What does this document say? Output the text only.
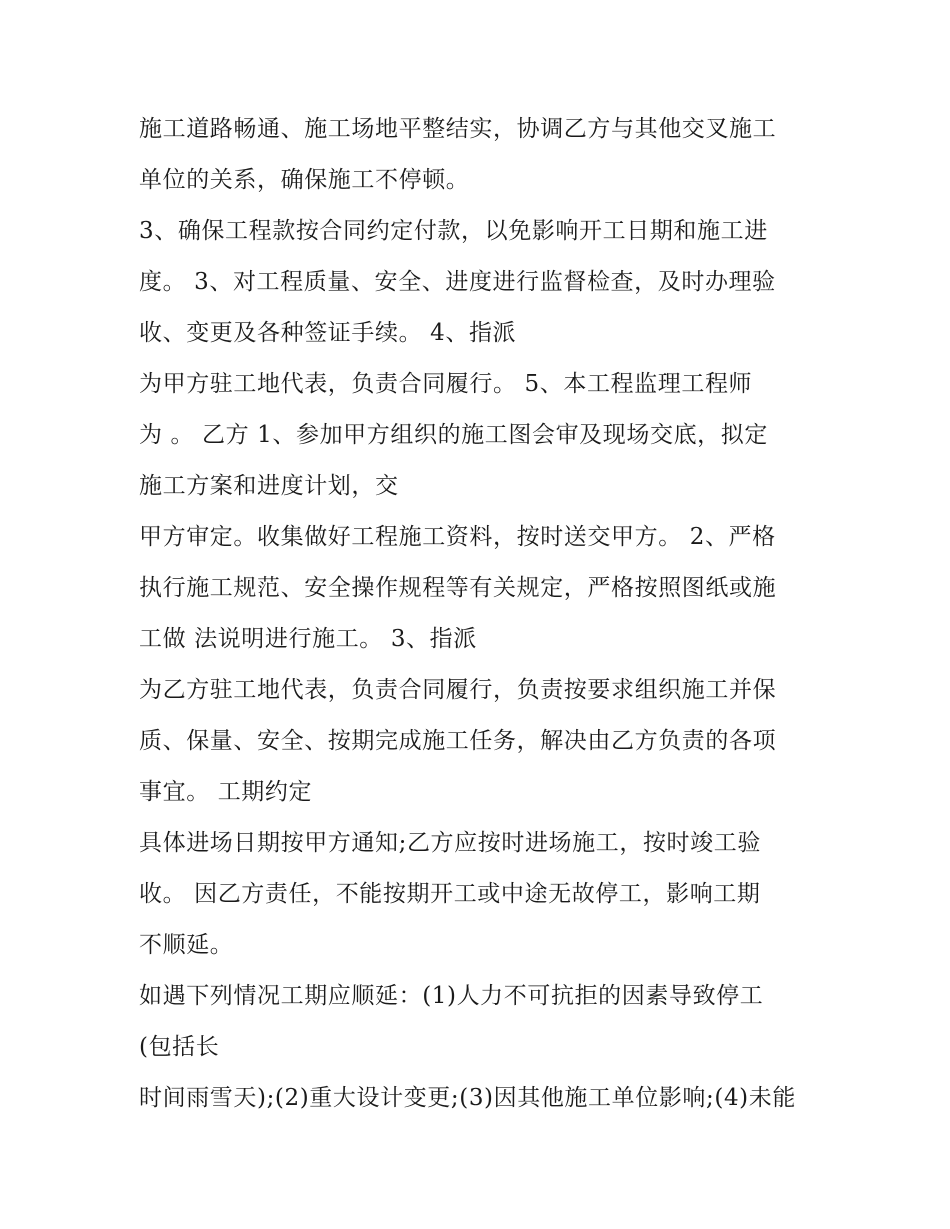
施工道路畅通、施工场地平整结实，协调乙方与其他交叉施工
单位的关系，确保施工不停顿。
3、确保工程款按合同约定付款，以免影响开工日期和施工进
度。 3、对工程质量、安全、进度进行监督检查，及时办理验
收、变更及各种签证手续。 4、指派
为甲方驻工地代表，负责合同履行。 5、本工程监理工程师
为 。 乙方 1、参加甲方组织的施工图会审及现场交底，拟定
施工方案和进度计划，交
甲方审定。收集做好工程施工资料，按时送交甲方。 2、严格
执行施工规范、安全操作规程等有关规定，严格按照图纸或施
工做 法说明进行施工。 3、指派
为乙方驻工地代表，负责合同履行，负责按要求组织施工并保
质、保量、安全、按期完成施工任务，解决由乙方负责的各项
事宜。 工期约定
具体进场日期按甲方通知;乙方应按时进场施工，按时竣工验
收。 因乙方责任，不能按期开工或中途无故停工，影响工期
不顺延。
如遇下列情况工期应顺延：(1)人力不可抗拒的因素导致停工
(包括长
时间雨雪天);(2)重大设计变更;(3)因其他施工单位影响;(4)未能
